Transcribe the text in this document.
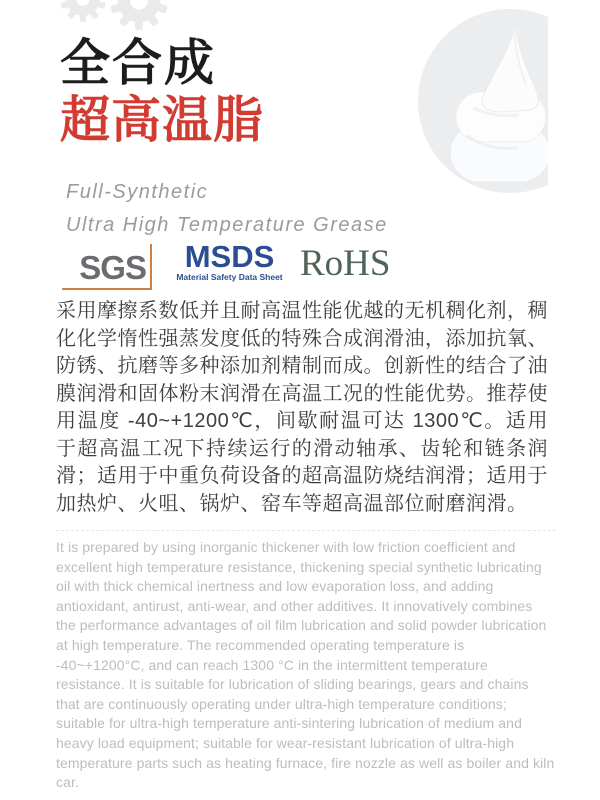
全合成
超高温脂
Full-Synthetic
Ultra High Temperature Grease
SGS	MSDS
Material Safety Data Sheet RoHS
采用摩擦系数低并且耐高温性能优越的无机稠化剂，稠化化学惰性强蒸发度低的特殊合成润滑油，添加抗氧、防锈、抗磨等多种添加剂精制而成。创新性的结合了油膜润滑和固体粉末润滑在高温工况的性能优势。推荐使用温度 -40~+1200℃，间歇耐温可达 1300℃。适用于超高温工况下持续运行的滑动轴承、齿轮和链条润滑；适用于中重负荷设备的超高温防烧结润滑；适用于加热炉、火咀、锅炉、窑车等超高温部位耐磨润滑。
It is prepared by using inorganic thickener with low friction coefficient and excellent high temperature resistance, thickening special synthetic lubricating oil with thick chemical inertness and low evaporation loss, and adding antioxidant, antirust, anti-wear, and other additives. It innovatively combines the performance advantages of oil film lubrication and solid powder lubrication at high temperature. The recommended operating temperature is -40~+1200°C, and can reach 1300 °C in the intermittent temperature resistance. It is suitable for lubrication of sliding bearings, gears and chains that are continuously operating under ultra-high temperature conditions; suitable for ultra-high temperature anti-sintering lubrication of medium and heavy load equipment; suitable for wear-resistant lubrication of ultra-high temperature parts such as heating furnace, fire nozzle as well as boiler and kiln car.
